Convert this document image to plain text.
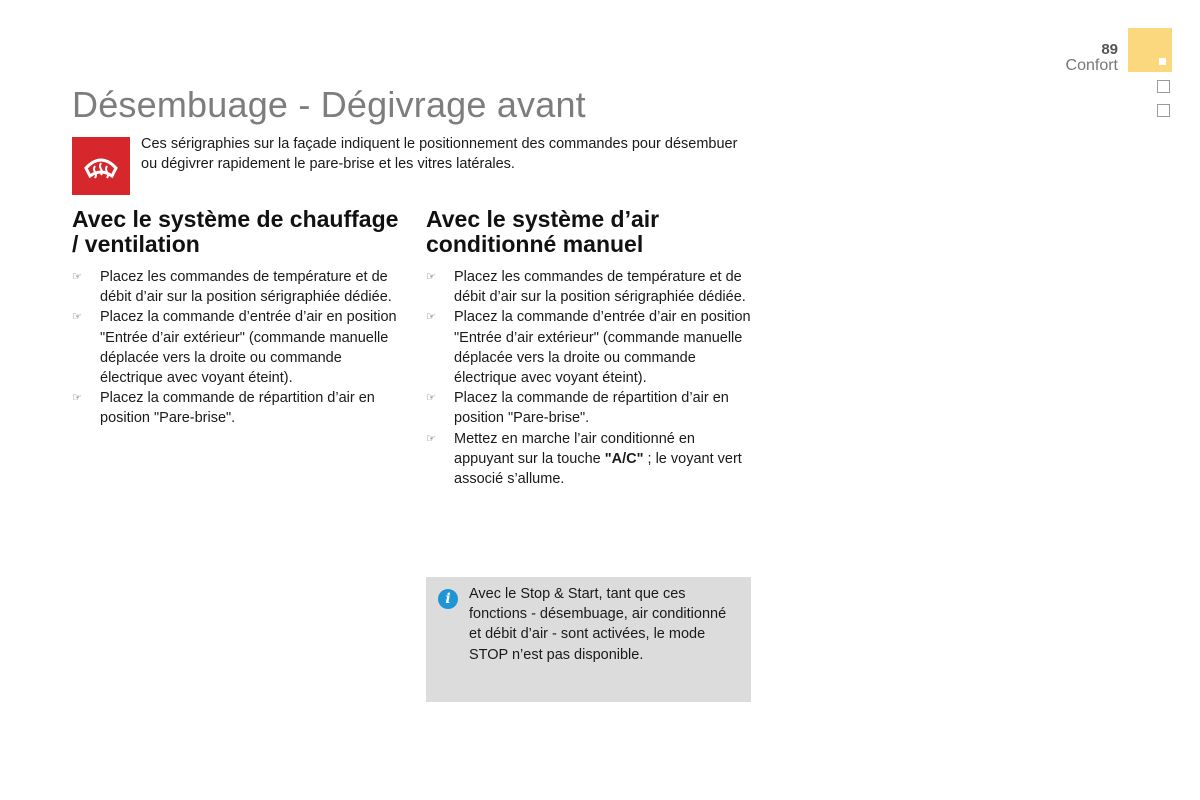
89
Confort
Désembuage - Dégivrage avant

Ces sérigraphies sur la façade indiquent le positionnement des commandes pour désembuer ou dégivrer rapidement le pare-brise et les vitres latérales.

Avec le système de chauffage / ventilation
☞ Placez les commandes de température et de débit d’air sur la position sérigraphiée dédiée.
☞ Placez la commande d’entrée d’air en position "Entrée d’air extérieur" (commande manuelle déplacée vers la droite ou commande électrique avec voyant éteint).
☞ Placez la commande de répartition d’air en position "Pare-brise".
Avec le système d’air conditionné manuel
☞ Placez les commandes de température et de débit d’air sur la position sérigraphiée dédiée.
☞ Placez la commande d’entrée d’air en position "Entrée d’air extérieur" (commande manuelle déplacée vers la droite ou commande électrique avec voyant éteint).
☞ Placez la commande de répartition d’air en position "Pare-brise".
☞ Mettez en marche l’air conditionné en appuyant sur la touche "A/C" ; le voyant vert associé s’allume.
i	Avec le Stop & Start, tant que ces fonctions - désembuage, air conditionné et débit d’air - sont activées, le mode STOP n’est pas disponible.
